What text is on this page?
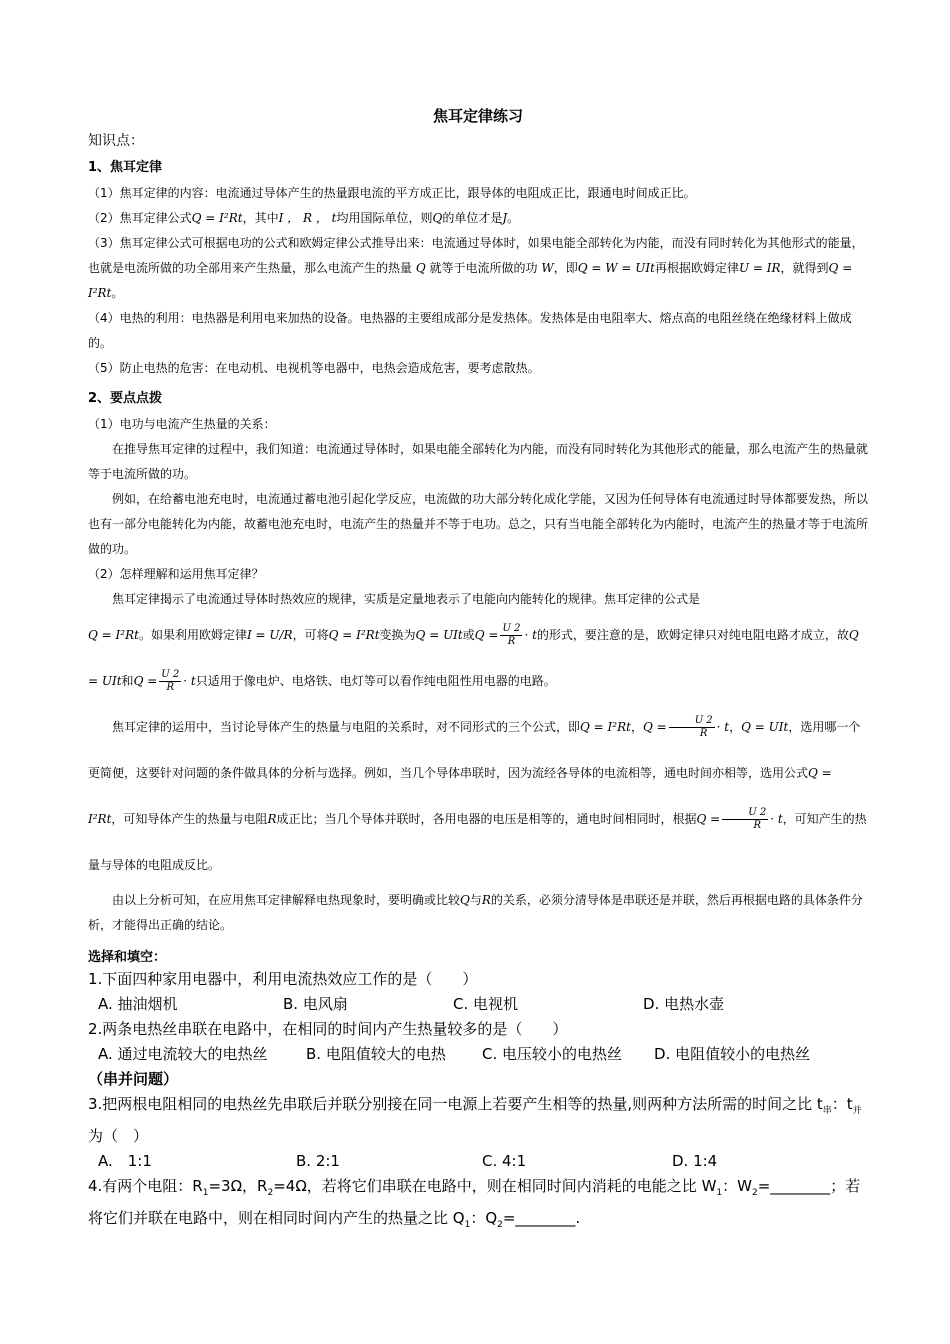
焦耳定律练习
知识点：
1、焦耳定律

（1）焦耳定律的内容：电流通过导体产生的热量跟电流的平方成正比，跟导体的电阻成正比，跟通电时间成正比。

（2）焦耳定律公式Q = I²Rt，其中I ， R ， t均用国际单位，则Q的单位才是J。

（3）焦耳定律公式可根据电功的公式和欧姆定律公式推导出来：电流通过导体时，如果电能全部转化为内能，而没有同时转化为其他形式的能量，也就是电流所做的功全部用来产生热量，那么电流产生的热量 Q 就等于电流所做的功 W，即Q = W = UIt再根据欧姆定律U = IR，就得到Q = I²Rt。

（4）电热的利用：电热器是利用电来加热的设备。电热器的主要组成部分是发热体。发热体是由电阻率大、熔点高的电阻丝绕在绝缘材料上做成的。

（5）防止电热的危害：在电动机、电视机等电器中，电热会造成危害，要考虑散热。

2、要点点拨

（1）电功与电流产生热量的关系：

在推导焦耳定律的过程中，我们知道：电流通过导体时，如果电能全部转化为内能，而没有同时转化为其他形式的能量，那么电流产生的热量就等于电流所做的功。

例如，在给蓄电池充电时，电流通过蓄电池引起化学反应，电流做的功大部分转化成化学能，又因为任何导体有电流通过时导体都要发热，所以也有一部分电能转化为内能，故蓄电池充电时，电流产生的热量并不等于电功。总之，只有当电能全部转化为内能时，电流产生的热量才等于电流所做的功。

（2）怎样理解和运用焦耳定律？

焦耳定律揭示了电流通过导体时热效应的规律，实质是定量地表示了电能向内能转化的规律。焦耳定律的公式是

Q = I²Rt。如果利用欧姆定律I = U/R，可将Q = I²Rt变换为Q = UIt或$Q = \frac{U 2}{R} \cdot t$的形式，要注意的是，欧姆定律只对纯电阻电路才成立，故Q = UIt和$Q = \frac{U 2}{R} \cdot t$只适用于像电炉、电烙铁、电灯等可以看作纯电阻性用电器的电路。

焦耳定律的运用中，当讨论导体产生的热量与电阻的关系时，对不同形式的三个公式，即Q = I²Rt，$Q = \frac{U 2}{R} \cdot t$，Q = UIt，选用哪一个更简便，这要针对问题的条件做具体的分析与选择。例如，当几个导体串联时，因为流经各导体的电流相等，通电时间亦相等，选用公式Q = I²Rt，可知导体产生的热量与电阻R成正比；当几个导体并联时，各用电器的电压是相等的，通电时间相同时，根据$Q = \frac{U 2}{R} \cdot t$，可知产生的热量与导体的电阻成反比。

由以上分析可知，在应用焦耳定律解释电热现象时，要明确或比较Q与R的关系，必须分清导体是串联还是并联，然后再根据电路的具体条件分析，才能得出正确的结论。

选择和填空：

1.下面四种家用电器中，利用电流热效应工作的是（　　）

A. 抽油烟机	B. 电风扇	C. 电视机	D. 电热水壶

2.两条电热丝串联在电路中，在相同的时间内产生热量较多的是（　　）

A. 通过电流较大的电热丝	B. 电阻值较大的电热	C. 电压较小的电热丝	D. 电阻值较小的电热丝

（串并问题）

3.把两根电阻相同的电热丝先串联后并联分别接在同一电源上若要产生相等的热量,则两种方法所需的时间之比 $t_串$：$t_并$为（　）

A.　1:1	B. 2:1	C. 4:1	D. 1:4

4.有两个电阻：$R_1=3\Omega$，$R_2=4\Omega$，若将它们串联在电路中，则在相同时间内消耗的电能之比 $W_1$：$W_2=\_\_\_\_\_\_\_\_$；若将它们并联在电路中，则在相同时间内产生的热量之比 $Q_1$：$Q_2=\_\_\_\_\_\_\_\_$.
